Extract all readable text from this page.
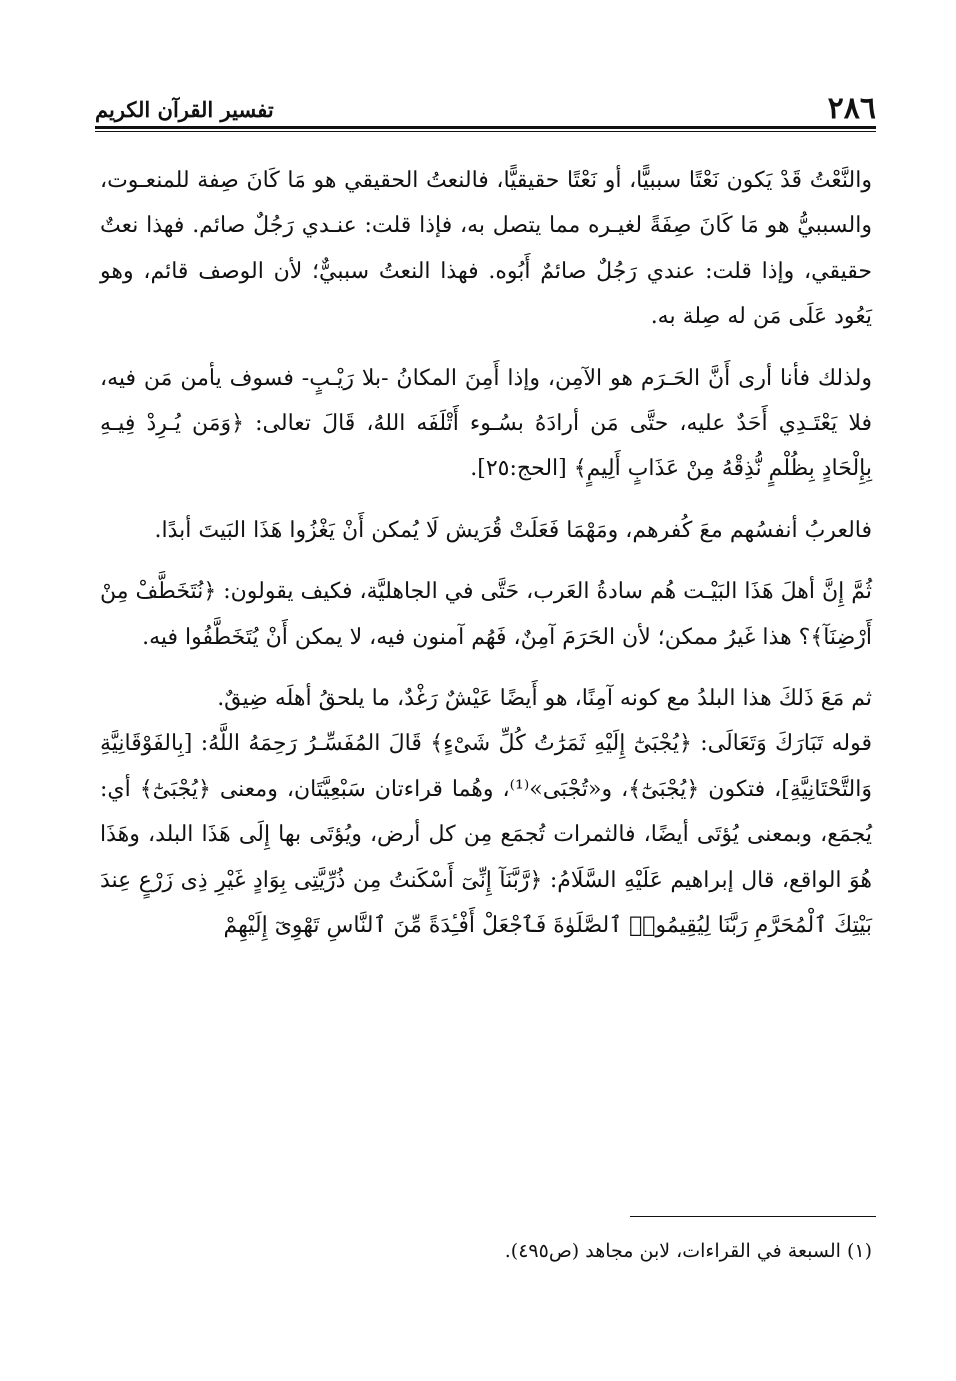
٢٨٦
تفسير القرآن الكريم

والنَّعْتُ قَدْ يَكون نَعْتًا سببيًّا، أو نَعْتًا حقيقيًّا، فالنعتُ الحقيقي هو مَا كَانَ صِفة للمنعـوت، والسببيُّ هو مَا كَانَ صِفَةً لغيـره مما يتصل به، فإذا قلت: عنـدي رَجُلٌ صائم. فهذا نعتٌ حقيقي، وإذا قلت: عندي رَجُلٌ صائمٌ أَبُوه. فهذا النعتُ سببيٌّ؛ لأن الوصف قائم، وهو يَعُود عَلَى مَن له صِلة به.

ولذلك فأنا أرى أَنَّ الحَـرَم هو الآمِن، وإذا أَمِنَ المكانُ -بلا رَيْـبٍ- فسوف يأمن مَن فيه، فلا يَعْتَـدِي أَحَدٌ عليه، حتَّى مَن أرادَهُ بسُـوء أَتْلَفَه اللهُ، قَالَ تعالى: ﴿وَمَن يُـرِدْ فِيـهِ بِإِلْحَادٍ بِظُلْمٍ نُّذِقْهُ مِنْ عَذَابٍ أَلِيمٍ﴾ [الحج:٢٥].

فالعربُ أنفسُهم معَ كُفرهم، ومَهْمَا فَعَلَتْ قُرَيش لَا يُمكن أَنْ يَغْزُوا هَذَا البَيتَ أبدًا.

ثُمَّ إِنَّ أهلَ هَذَا البَيْـت هُم سادةُ العَرب، حَتَّى في الجاهليَّة، فكيف يقولون: ﴿نُتَخَطَّفْ مِنْ أَرْضِنَآ﴾؟ هذا غَيرُ ممكن؛ لأن الحَرَمَ آمِنٌ، فَهُم آمنون فيه، لا يمكن أَنْ يُتَخَطَّفُوا فيه.

ثم مَعَ ذَلكَ هذا البلدُ مع كونه آمِنًا، هو أَيضًا عَيْشٌ رَغْدٌ، ما يلحقُ أهلَه ضِيقٌ.

قوله تَبَارَكَ وَتَعَالَى: ﴿يُجْبَىٰٓ إِلَيْهِ ثَمَرَٰتُ كُلِّ شَىْءٍ﴾ قَالَ المُفَسِّـرُ رَحِمَهُ اللَّهُ: [بِالفَوْقَانِيَّةِ وَالتَّحْتَانِيَّةِ]، فتكون ﴿يُجْبَىٰٓ﴾، و«تُجْبَى»⁽¹⁾، وهُما قراءتان سَبْعِيَّتَان، ومعنى ﴿يُجْبَىٰٓ﴾ أي: يُجمَع، وبمعنى يُؤتَى أيضًا، فالثمرات تُجمَع مِن كل أرض، ويُؤتَى بها إِلَى هَذَا البلد، وهَذَا هُوَ الواقع، قال إبراهيم عَلَيْهِ السَّلَامُ: ﴿رَّبَّنَآ إِنِّىٓ أَسْكَنتُ مِن ذُرِّيَّتِى بِوَادٍ غَيْرِ ذِى زَرْعٍ عِندَ بَيْتِكَ ٱلْمُحَرَّمِ رَبَّنَا لِيُقِيمُوا۟ ٱلصَّلَوٰةَ فَٱجْعَلْ أَفْـِٔدَةً مِّنَ ٱلنَّاسِ تَهْوِىٓ إِلَيْهِمْ

(١) السبعة في القراءات، لابن مجاهد (ص٤٩٥).
